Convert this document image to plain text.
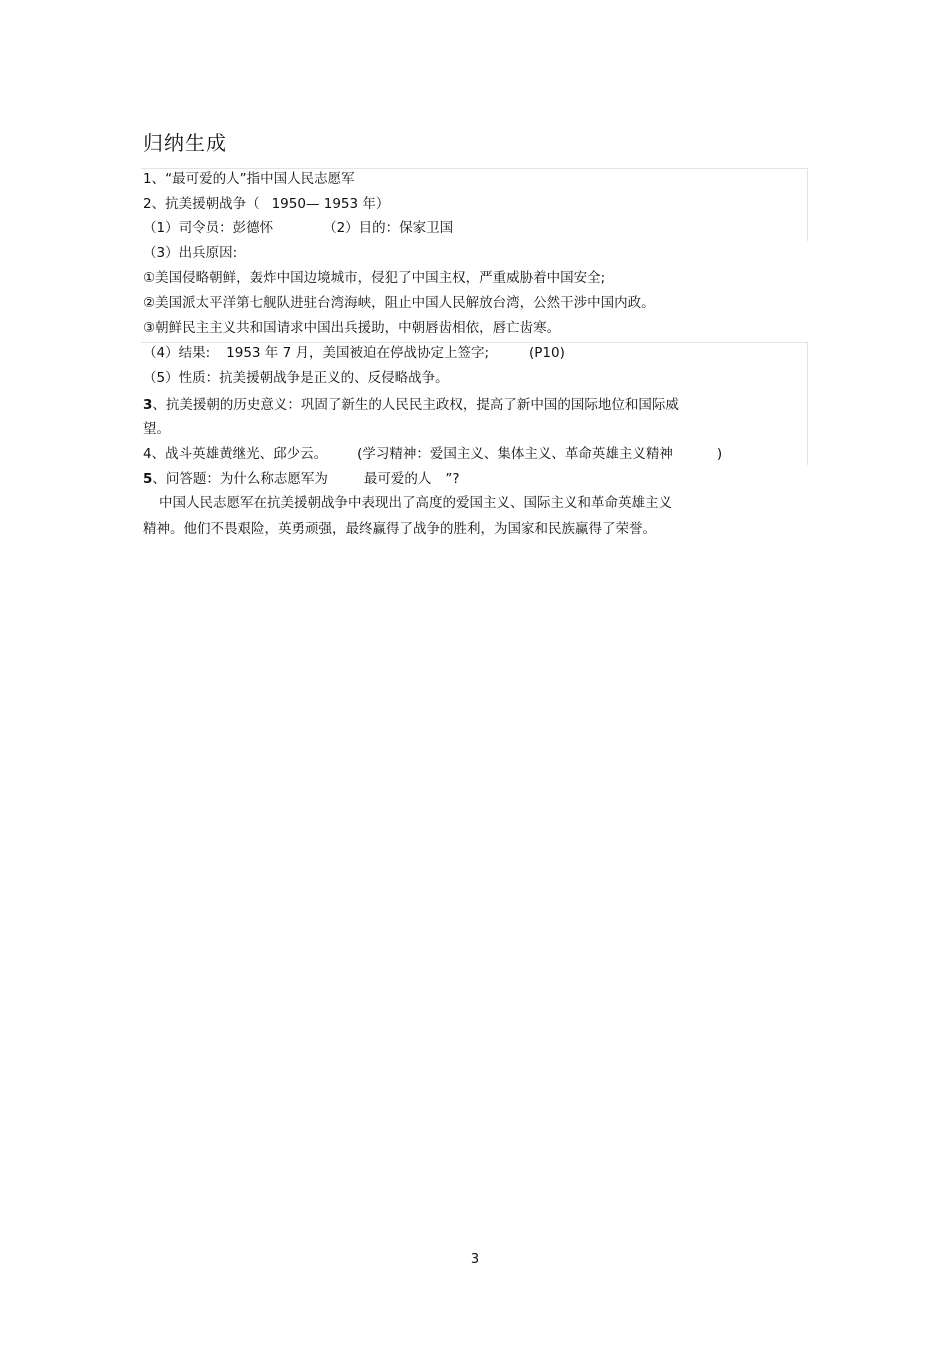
归纳生成
1、“最可爱的人”指中国人民志愿军
2、抗美援朝战争（ 1950— 1953 年）
（1）司令员：彭德怀	（2）目的：保家卫国
（3）出兵原因:
①美国侵略朝鲜，轰炸中国边境城市，侵犯了中国主权，严重威胁着中国安全;
②美国派太平洋第七舰队进驻台湾海峡，阻止中国人民解放台湾，公然干涉中国内政。
③朝鲜民主主义共和国请求中国出兵援助，中朝唇齿相依，唇亡齿寒。
（4）结果: 1953 年 7 月，美国被迫在停战协定上签字;	(P10)
（5）性质：抗美援朝战争是正义的、反侵略战争。
3、抗美援朝的历史意义：巩固了新生的人民民主政权，提高了新中国的国际地位和国际威
望。
4、战斗英雄黄继光、邱少云。 (学习精神：爱国主义、集体主义、革命英雄主义精神	)
5、问答题：为什么称志愿军为	最可爱的人 ”?
中国人民志愿军在抗美援朝战争中表现出了高度的爱国主义、国际主义和革命英雄主义
精神。他们不畏艰险，英勇顽强，最终赢得了战争的胜利，为国家和民族赢得了荣誉。
3
